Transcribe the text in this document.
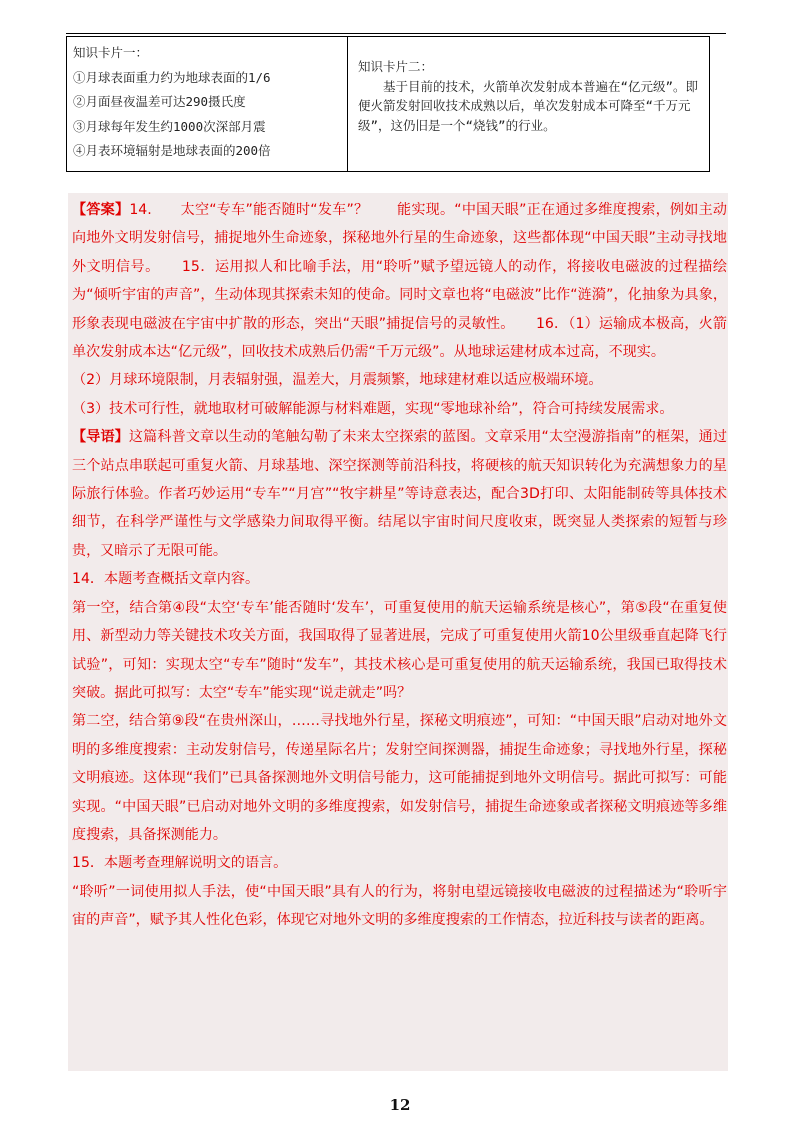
知识卡片一：
①月球表面重力约为地球表面的1/6
②月面昼夜温差可达290摄氏度
③月球每年发生约1000次深部月震
④月表环境辐射是地球表面的200倍

知识卡片二：
基于目前的技术，火箭单次发射成本普遍在“亿元级”。即便火箭发射回收技术成熟以后，单次发射成本可降至“千万元级”，这仍旧是一个“烧钱”的行业。

【答案】14.　　太空“专车”能否随时“发车”？　　能实现。“中国天眼”正在通过多维度搜索，例如主动向地外文明发射信号，捕捉地外生命迹象，探秘地外行星的生命迹象，这些都体现“中国天眼”主动寻找地外文明信号。　　15．运用拟人和比喻手法，用“聆听”赋予望远镜人的动作，将接收电磁波的过程描绘为“倾听宇宙的声音”，生动体现其探索未知的使命。同时文章也将“电磁波”比作“涟漪”，化抽象为具象，形象表现电磁波在宇宙中扩散的形态，突出“天眼”捕捉信号的灵敏性。　　16．（1）运输成本极高，火箭单次发射成本达“亿元级”，回收技术成熟后仍需“千万元级”。从地球运建材成本过高，不现实。

（2）月球环境限制，月表辐射强，温差大，月震频繁，地球建材难以适应极端环境。

（3）技术可行性，就地取材可破解能源与材料难题，实现“零地球补给”，符合可持续发展需求。

【导语】这篇科普文章以生动的笔触勾勒了未来太空探索的蓝图。文章采用“太空漫游指南”的框架，通过三个站点串联起可重复火箭、月球基地、深空探测等前沿科技，将硬核的航天知识转化为充满想象力的星际旅行体验。作者巧妙运用“专车”“月宫”“牧宇耕星”等诗意表达，配合3D打印、太阳能制砖等具体技术细节，在科学严谨性与文学感染力间取得平衡。结尾以宇宙时间尺度收束，既突显人类探索的短暂与珍贵，又暗示了无限可能。

14．本题考查概括文章内容。

第一空，结合第④段“太空‘专车’能否随时‘发车’，可重复使用的航天运输系统是核心”，第⑤段“在重复使用、新型动力等关键技术攻关方面，我国取得了显著进展，完成了可重复使用火箭10公里级垂直起降飞行试验”，可知：实现太空“专车”随时“发车”，其技术核心是可重复使用的航天运输系统，我国已取得技术突破。据此可拟写：太空“专车”能实现“说走就走”吗？

第二空，结合第⑨段“在贵州深山，……寻找地外行星，探秘文明痕迹”，可知：“中国天眼”启动对地外文明的多维度搜索：主动发射信号，传递星际名片；发射空间探测器，捕捉生命迹象；寻找地外行星，探秘文明痕迹。这体现“我们”已具备探测地外文明信号能力，这可能捕捉到地外文明信号。据此可拟写：可能实现。“中国天眼”已启动对地外文明的多维度搜索，如发射信号，捕捉生命迹象或者探秘文明痕迹等多维度搜索，具备探测能力。

15．本题考查理解说明文的语言。

“聆听”一词使用拟人手法，使“中国天眼”具有人的行为，将射电望远镜接收电磁波的过程描述为“聆听宇宙的声音”，赋予其人性化色彩，体现它对地外文明的多维度搜索的工作情态，拉近科技与读者的距离。

12
